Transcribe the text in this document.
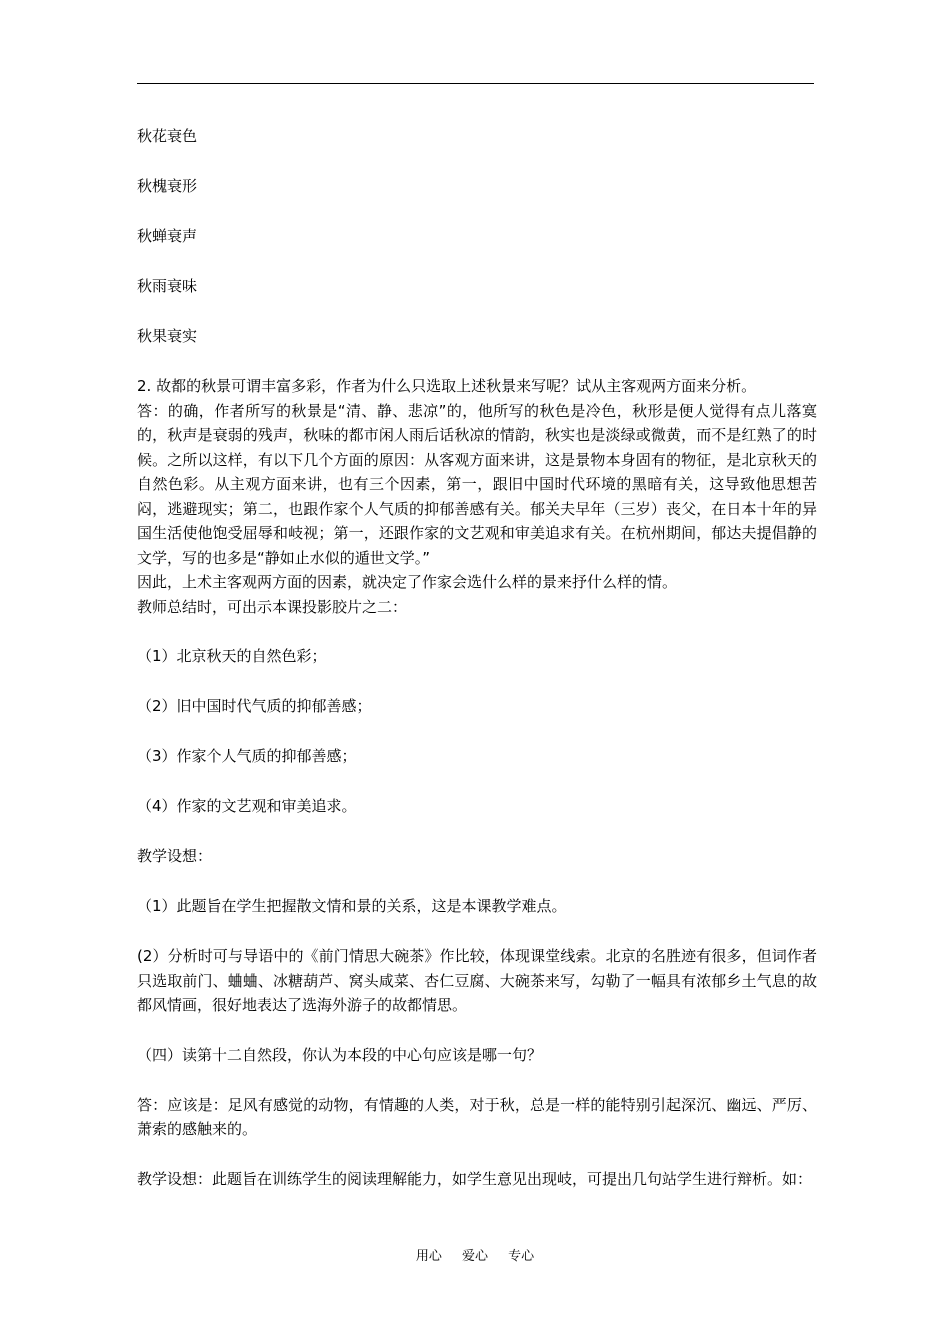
秋花衰色

秋槐衰形

秋蝉衰声

秋雨衰味

秋果衰实

2. 故都的秋景可谓丰富多彩，作者为什么只选取上述秋景来写呢？试从主客观两方面来分析。

答：的确，作者所写的秋景是“清、静、悲凉”的，他所写的秋色是冷色，秋形是便人觉得有点儿落寞的，秋声是衰弱的残声，秋味的都市闲人雨后话秋凉的情韵，秋实也是淡绿或微黄，而不是红熟了的时候。之所以这样，有以下几个方面的原因：从客观方面来讲，这是景物本身固有的物征，是北京秋天的自然色彩。从主观方面来讲，也有三个因素，第一，跟旧中国时代环境的黑暗有关，这导致他思想苦闷，逃避现实；第二，也跟作家个人气质的抑郁善感有关。郁关夫早年（三岁）丧父，在日本十年的异国生活使他饱受屈辱和岐视；第一，还跟作家的文艺观和审美追求有关。在杭州期间，郁达夫提倡静的文学，写的也多是“静如止水似的遁世文学。”

因此，上术主客观两方面的因素，就决定了作家会选什么样的景来抒什么样的情。

教师总结时，可出示本课投影胶片之二：

（1）北京秋天的自然色彩；

（2）旧中国时代气质的抑郁善感；

（3）作家个人气质的抑郁善感；

（4）作家的文艺观和审美追求。

教学设想：

（1）此题旨在学生把握散文情和景的关系，这是本课教学难点。

(2）分析时可与导语中的《前门情思大碗茶》作比较，体现课堂线索。北京的名胜迹有很多，但词作者只选取前门、蛐蛐、冰糖葫芦、窝头咸菜、杏仁豆腐、大碗茶来写，勾勒了一幅具有浓郁乡土气息的故都风情画，很好地表达了选海外游子的故都情思。

（四）读第十二自然段，你认为本段的中心句应该是哪一句？

答：应该是：足风有感觉的动物，有情趣的人类，对于秋，总是一样的能特别引起深沉、幽远、严厉、萧索的感触来的。

教学设想：此题旨在训练学生的阅读理解能力，如学生意见出现岐，可提出几句站学生进行辩析。如：

用心 爱心 专心
